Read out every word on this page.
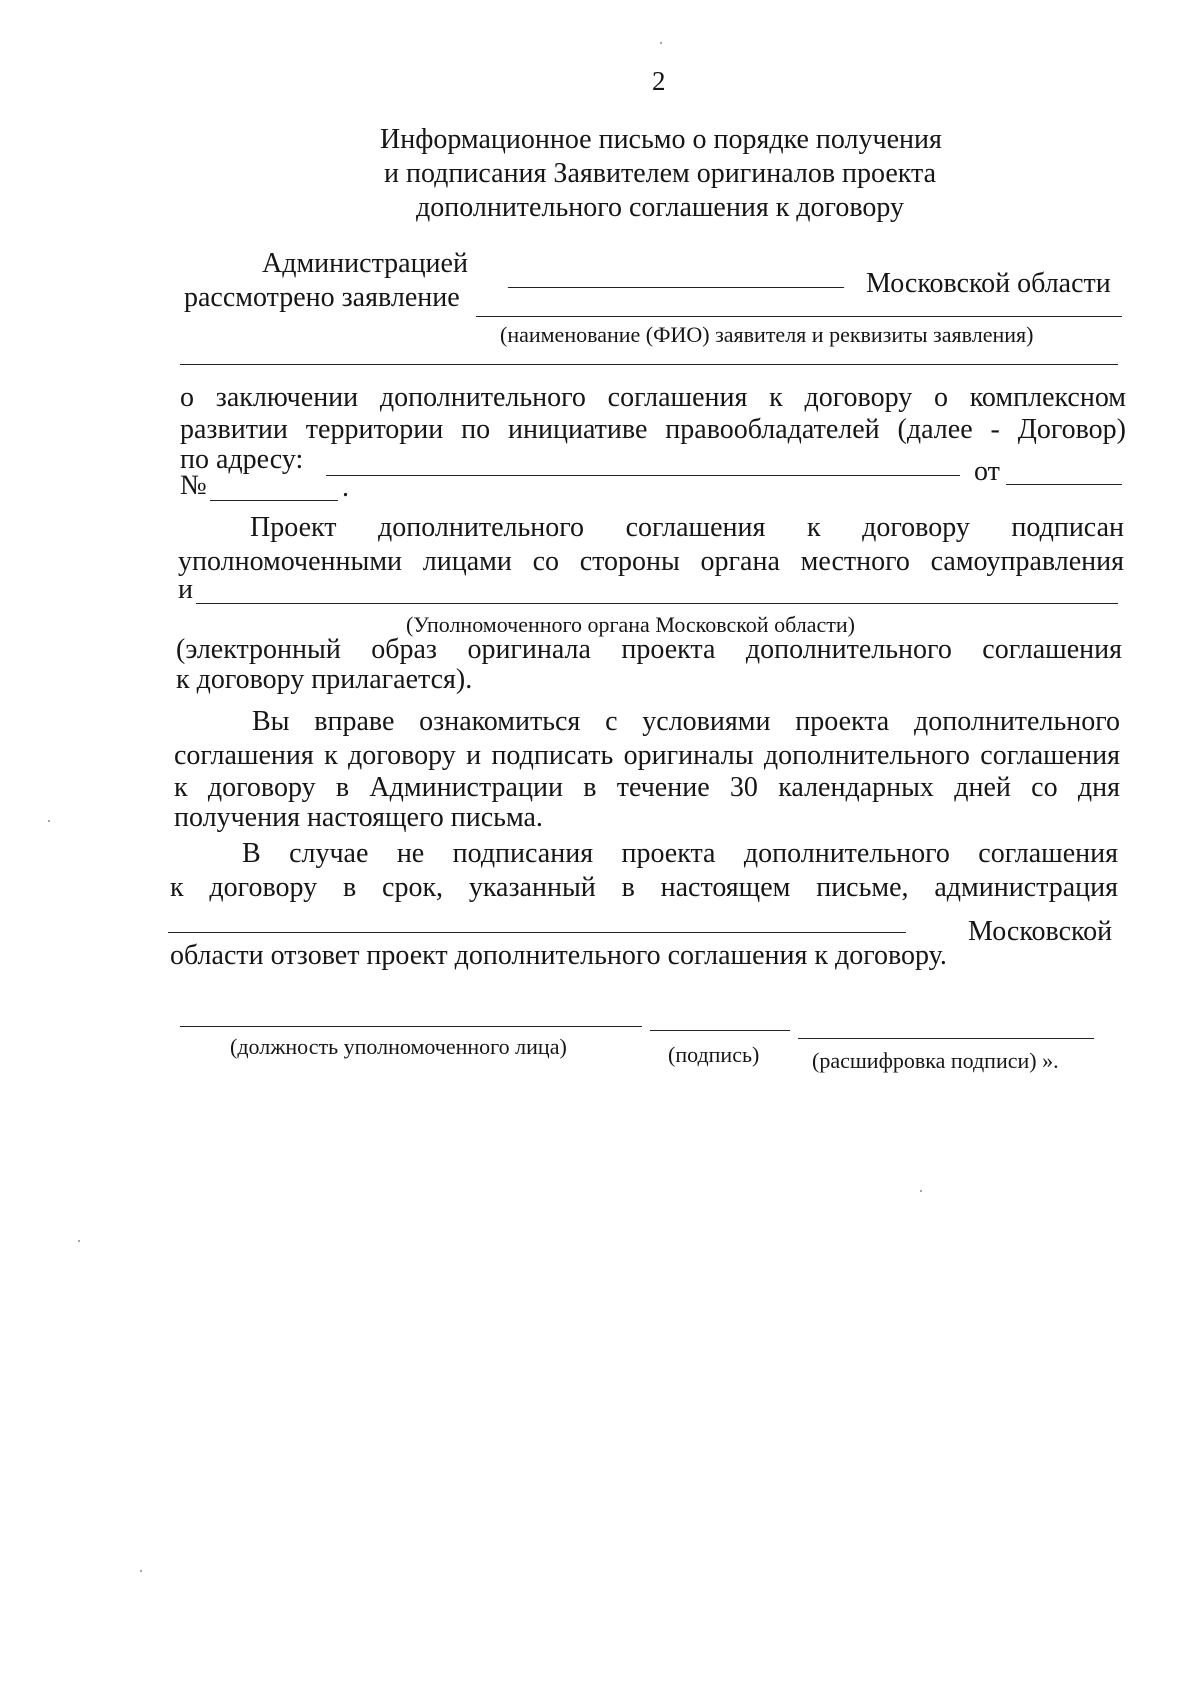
2
Информационное письмо о порядке получения
и подписания Заявителем оригиналов проекта
дополнительного соглашения к договору
Администрацией
Московской области
рассмотрено заявление
(наименование (ФИО) заявителя и реквизиты заявления)
о заключении дополнительного соглашения к договору о комплексном
развитии территории по инициативе правообладателей (далее - Договор)
по адресу:	от
№	.
Проект дополнительного соглашения к договору подписан
уполномоченными лицами со стороны органа местного самоуправления
и
(Уполномоченного органа Московской области)
(электронный образ оригинала проекта дополнительного соглашения
к договору прилагается).
Вы вправе ознакомиться с условиями проекта дополнительного
соглашения к договору и подписать оригиналы дополнительного соглашения
к договору в Администрации в течение 30 календарных дней со дня
получения настоящего письма.
В случае не подписания проекта дополнительного соглашения
к договору в срок, указанный в настоящем письме, администрация
Московской
области отзовет проект дополнительного соглашения к договору.
(должность уполномоченного лица)	(подпись) (расшифровка подписи) ».
